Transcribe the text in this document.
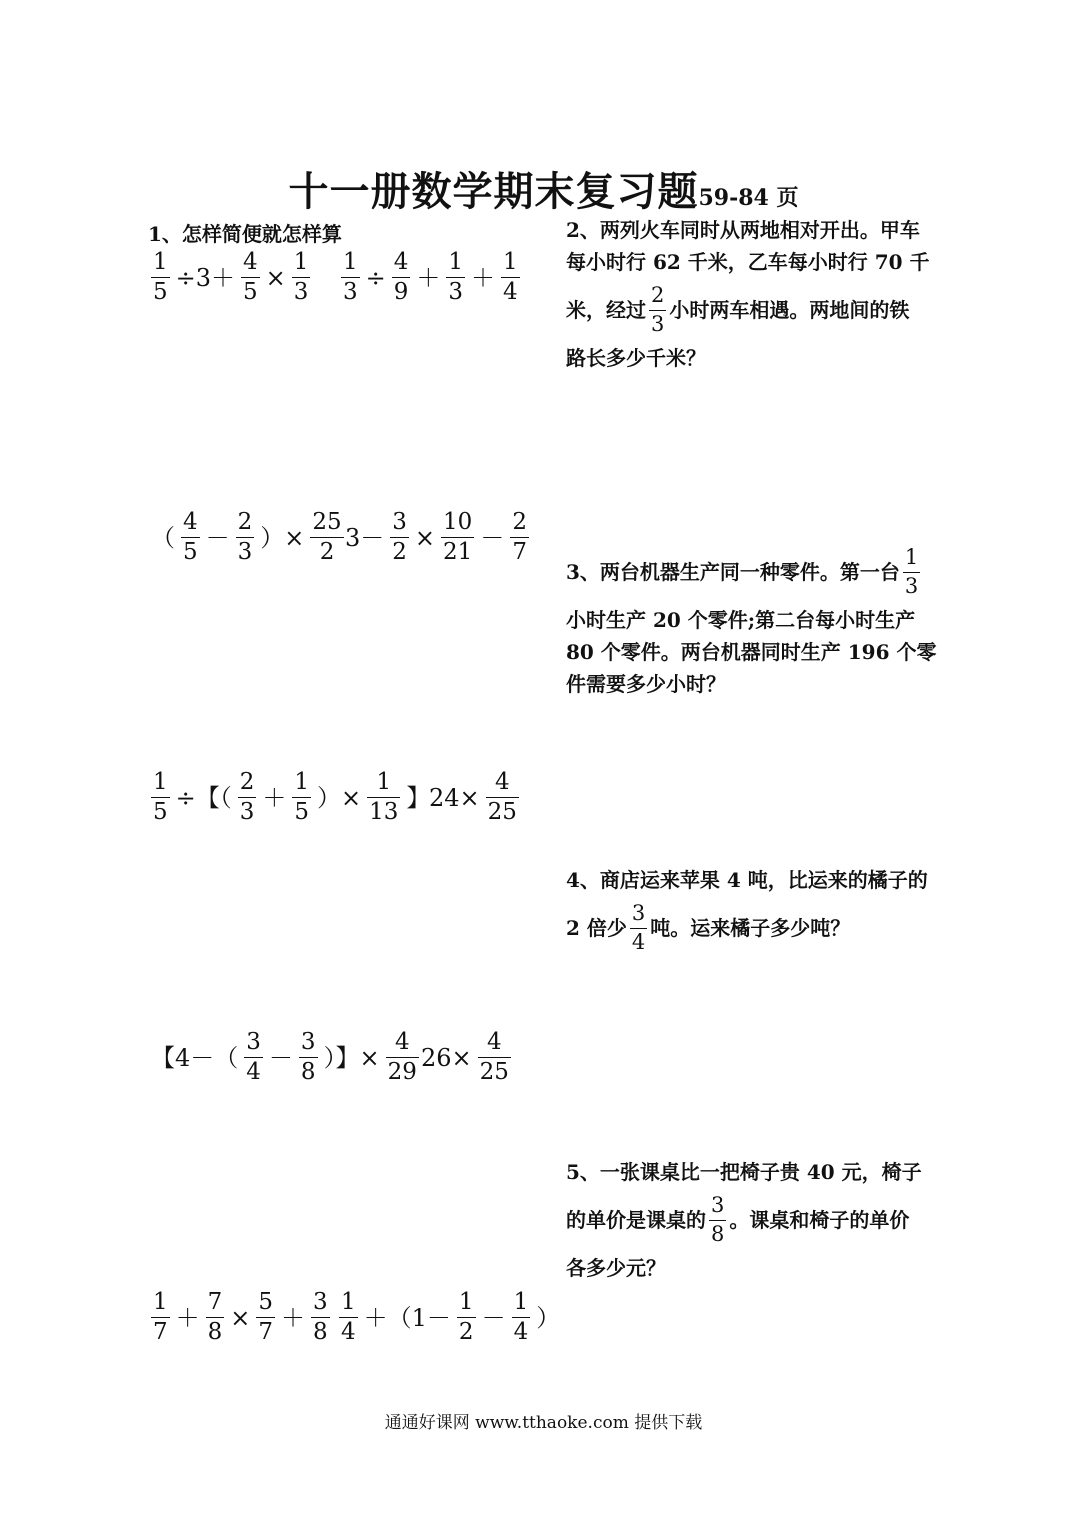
十一册数学期末复习题59-84 页
1、怎样简便就怎样算
$\frac{1}{5} \div 3+ \frac{4}{5} \times \frac{1}{3} \frac{1}{3} \div \frac{4}{9} + \frac{1}{3} + \frac{1}{4}$
（ $\frac{4}{5} - \frac{2}{3}$ ）× $\frac{25}{2} 3- \frac{3}{2} \times \frac{10}{21} - \frac{2}{7}$
$\frac{1}{5}$ ÷【（ $\frac{2}{3} + \frac{1}{5}$ ）× $\frac{1}{13}$ 】
$24\times \frac{4}{25}$
【$4-( \frac{3}{4} - \frac{3}{8}$ ）】× $\frac{4}{29} 26\times \frac{4}{25}$
$\frac{1}{7} + \frac{7}{8} \times \frac{5}{7} + \frac{3}{8} \frac{1}{4} +(1- \frac{1}{2} - \frac{1}{4}$ ）
2、两列火车同时从两地相对开出。甲车
每小时行 62 千米，乙车每小时行 70 千
米，经过 $\frac{2}{3}$ 小时两车相遇。两地间的铁
路长多少千米？
3、两台机器生产同一种零件。第一台 $\frac{1}{3}$
小时生产 20 个零件;第二台每小时生产
80 个零件。两台机器同时生产 196 个零
件需要多少小时？
4、商店运来苹果 4 吨，比运来的橘子的
2 倍少 $\frac{3}{4}$ 吨。运来橘子多少吨？
5、一张课桌比一把椅子贵 40 元，椅子
的单价是课桌的 $\frac{3}{8}$ 。课桌和椅子的单价
各多少元？
通通好课网 www.tthaoke.com 提供下载
